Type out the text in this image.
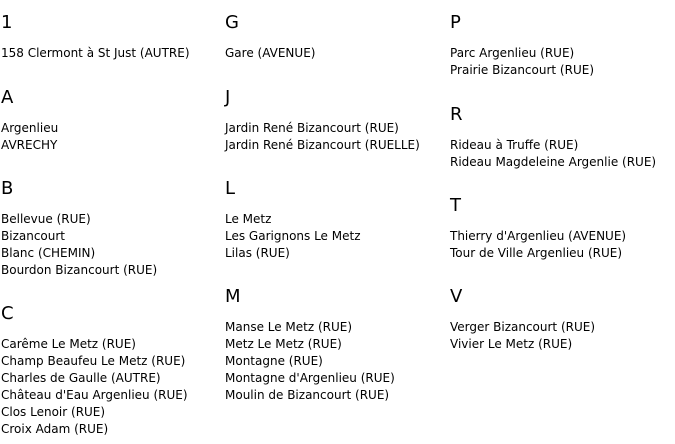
1
158 Clermont à St Just (AUTRE)
A
Argenlieu
AVRECHY
B
Bellevue (RUE)
Bizancourt
Blanc (CHEMIN)
Bourdon Bizancourt (RUE)
C
Carême Le Metz (RUE)
Champ Beaufeu Le Metz (RUE)
Charles de Gaulle (AUTRE)
Château d'Eau Argenlieu (RUE)
Clos Lenoir (RUE)
Croix Adam (RUE)
G
Gare (AVENUE)
J
Jardin René Bizancourt (RUE)
Jardin René Bizancourt (RUELLE)
L
Le Metz
Les Garignons Le Metz
Lilas (RUE)
M
Manse Le Metz (RUE)
Metz Le Metz (RUE)
Montagne (RUE)
Montagne d'Argenlieu (RUE)
Moulin de Bizancourt (RUE)
P
Parc Argenlieu (RUE)
Prairie Bizancourt (RUE)
R
Rideau à Truffe (RUE)
Rideau Magdeleine Argenlie (RUE)
T
Thierry d'Argenlieu (AVENUE)
Tour de Ville Argenlieu (RUE)
V
Verger Bizancourt (RUE)
Vivier Le Metz (RUE)
